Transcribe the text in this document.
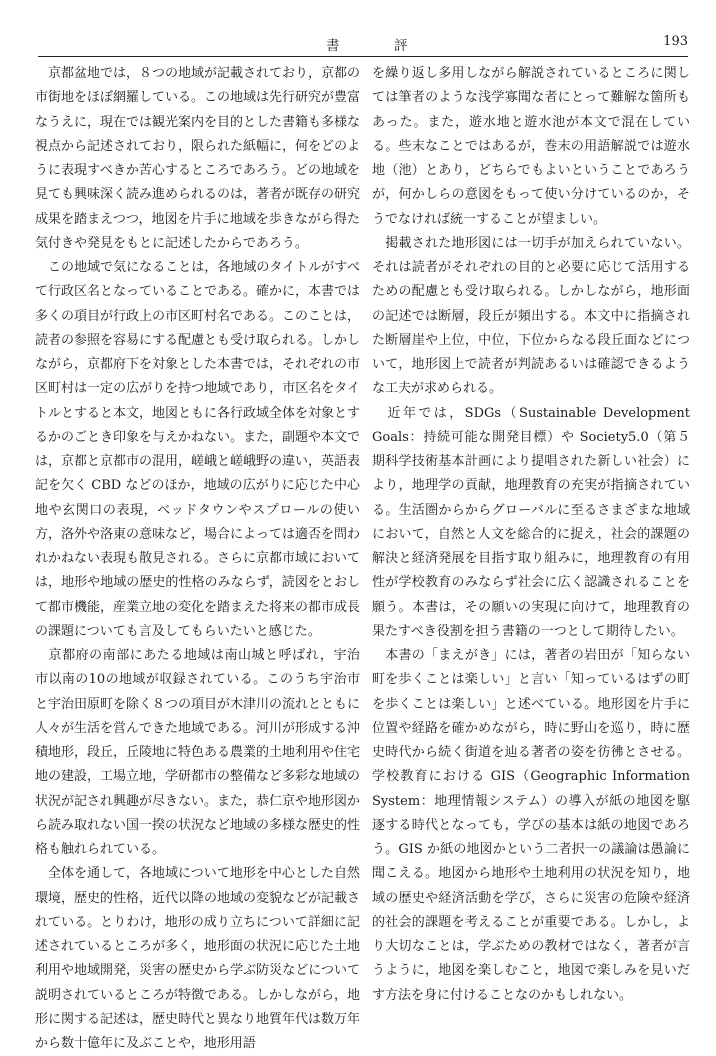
書	評	193

　京都盆地では，８つの地域が記載されており，京都の市街地をほぼ網羅している。この地域は先行研究が豊富なうえに，現在では観光案内を目的とした書籍も多様な視点から記述されており，限られた紙幅に，何をどのように表現すべきか苦心するところであろう。どの地域を見ても興味深く読み進められるのは，著者が既存の研究成果を踏まえつつ，地図を片手に地域を歩きながら得た気付きや発見をもとに記述したからであろう。

　この地域で気になることは，各地域のタイトルがすべて行政区名となっていることである。確かに，本書では多くの項目が行政上の市区町村名である。このことは，読者の参照を容易にする配慮とも受け取られる。しかしながら，京都府下を対象とした本書では，それぞれの市区町村は一定の広がりを持つ地域であり，市区名をタイトルとすると本文，地図ともに各行政域全体を対象とするかのごとき印象を与えかねない。また，副題や本文では，京都と京都市の混用，嵯峨と嵯峨野の違い，英語表記を欠く CBD などのほか，地域の広がりに応じた中心地や玄関口の表現，ベッドタウンやスプロールの使い方，洛外や洛東の意味など，場合によっては適否を問われかねない表現も散見される。さらに京都市域においては，地形や地域の歴史的性格のみならず，読図をとおして都市機能，産業立地の変化を踏まえた将来の都市成長の課題についても言及してもらいたいと感じた。

　京都府の南部にあたる地域は南山城と呼ばれ，宇治市以南の10の地域が収録されている。このうち宇治市と宇治田原町を除く８つの項目が木津川の流れとともに人々が生活を営んできた地域である。河川が形成する沖積地形，段丘，丘陵地に特色ある農業的土地利用や住宅地の建設，工場立地，学研都市の整備など多彩な地域の状況が記され興趣が尽きない。また，恭仁京や地形図から読み取れない国一揆の状況など地域の多様な歴史的性格も触れられている。

　全体を通して，各地域について地形を中心とした自然環境，歴史的性格，近代以降の地域の変貌などが記載されている。とりわけ，地形の成り立ちについて詳細に記述されているところが多く，地形面の状況に応じた土地利用や地域開発，災害の歴史から学ぶ防災などについて説明されているところが特徴である。しかしながら，地形に関する記述は，歴史時代と異なり地質年代は数万年から数十億年に及ぶことや，地形用語

を繰り返し多用しながら解説されているところに関しては筆者のような浅学寡聞な者にとって難解な箇所もあった。また，遊水地と遊水池が本文で混在している。些末なことではあるが，巻末の用語解説では遊水地（池）とあり，どちらでもよいということであろうが，何かしらの意図をもって使い分けているのか，そうでなければ統一することが望ましい。

　掲載された地形図には一切手が加えられていない。それは読者がそれぞれの目的と必要に応じて活用するための配慮とも受け取られる。しかしながら，地形面の記述では断層，段丘が頻出する。本文中に指摘された断層崖や上位，中位，下位からなる段丘面などについて，地形図上で読者が判読あるいは確認できるような工夫が求められる。

　近年では，SDGs（Sustainable Development Goals：持続可能な開発目標）や Society5.0（第５期科学技術基本計画により提唱された新しい社会）により，地理学の貢献，地理教育の充実が指摘されている。生活圏からからグローバルに至るさまざまな地域において，自然と人文を総合的に捉え，社会的課題の解決と経済発展を目指す取り組みに，地理教育の有用性が学校教育のみならず社会に広く認識されることを願う。本書は，その願いの実現に向けて，地理教育の果たすべき役割を担う書籍の一つとして期待したい。

　本書の「まえがき」には，著者の岩田が「知らない町を歩くことは楽しい」と言い「知っているはずの町を歩くことは楽しい」と述べている。地形図を片手に位置や経路を確かめながら，時に野山を巡り，時に歴史時代から続く街道を辿る著者の姿を彷彿とさせる。学校教育における GIS（Geographic Information System：地理情報システム）の導入が紙の地図を駆逐する時代となっても，学びの基本は紙の地図であろう。GIS か紙の地図かという二者択一の議論は愚論に聞こえる。地図から地形や土地利用の状況を知り，地域の歴史や経済活動を学び，さらに災害の危険や経済的社会的課題を考えることが重要である。しかし，より大切なことは，学ぶための教材ではなく，著者が言うように，地図を楽しむこと，地図で楽しみを見いだす方法を身に付けることなのかもしれない。
